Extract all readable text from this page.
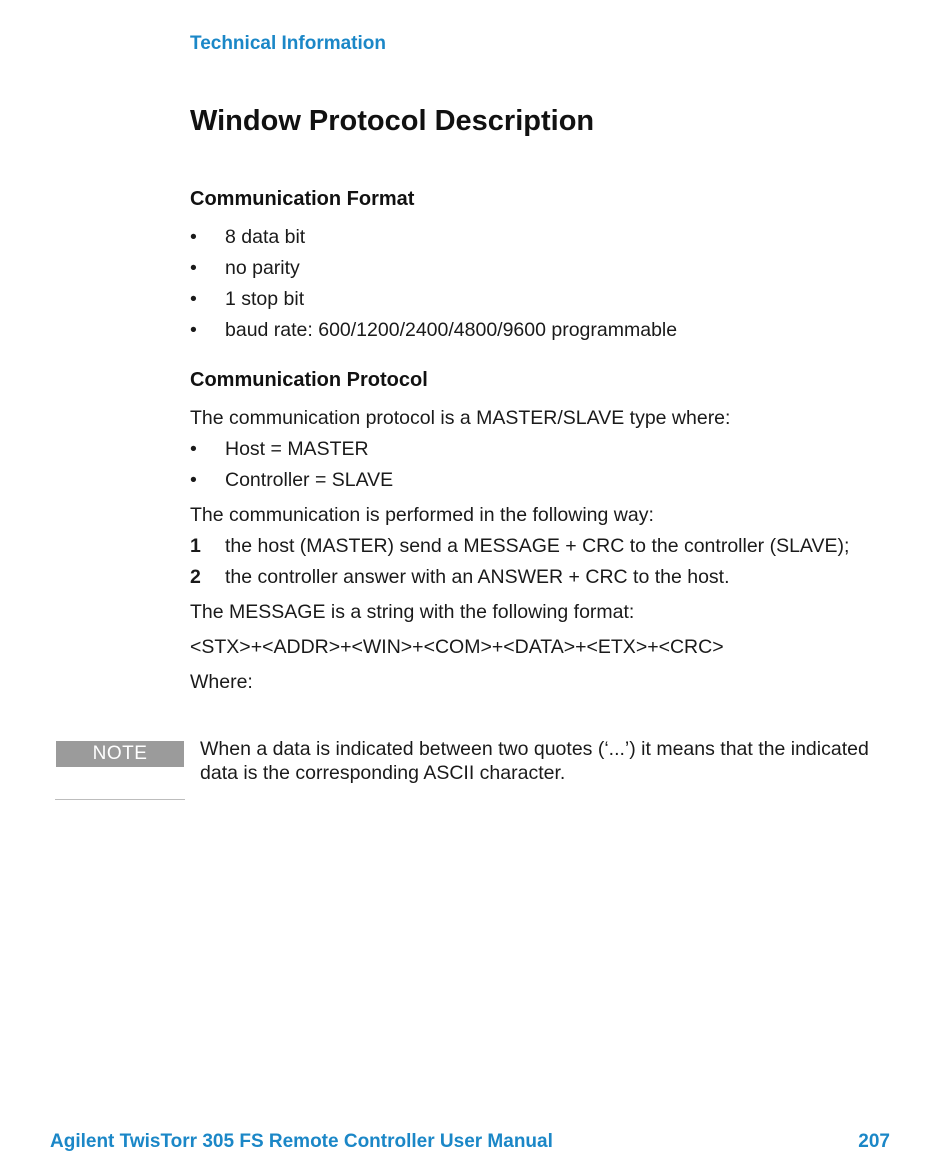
Technical Information
Window Protocol Description
Communication Format
•	8 data bit
•	no parity
•	1 stop bit
•	baud rate: 600/1200/2400/4800/9600 programmable
Communication Protocol
The communication protocol is a MASTER/SLAVE type where:
•	Host = MASTER
•	Controller = SLAVE
The communication is performed in the following way:
1 the host (MASTER) send a MESSAGE + CRC to the controller (SLAVE);
2 the controller answer with an ANSWER + CRC to the host.
The MESSAGE is a string with the following format:
<STX>+<ADDR>+<WIN>+<COM>+<DATA>+<ETX>+<CRC>
Where:
NOTE	When a data is indicated between two quotes (‘...’) it means that the indicated data is the corresponding ASCII character.
Agilent TwisTorr 305 FS Remote Controller User Manual	207
